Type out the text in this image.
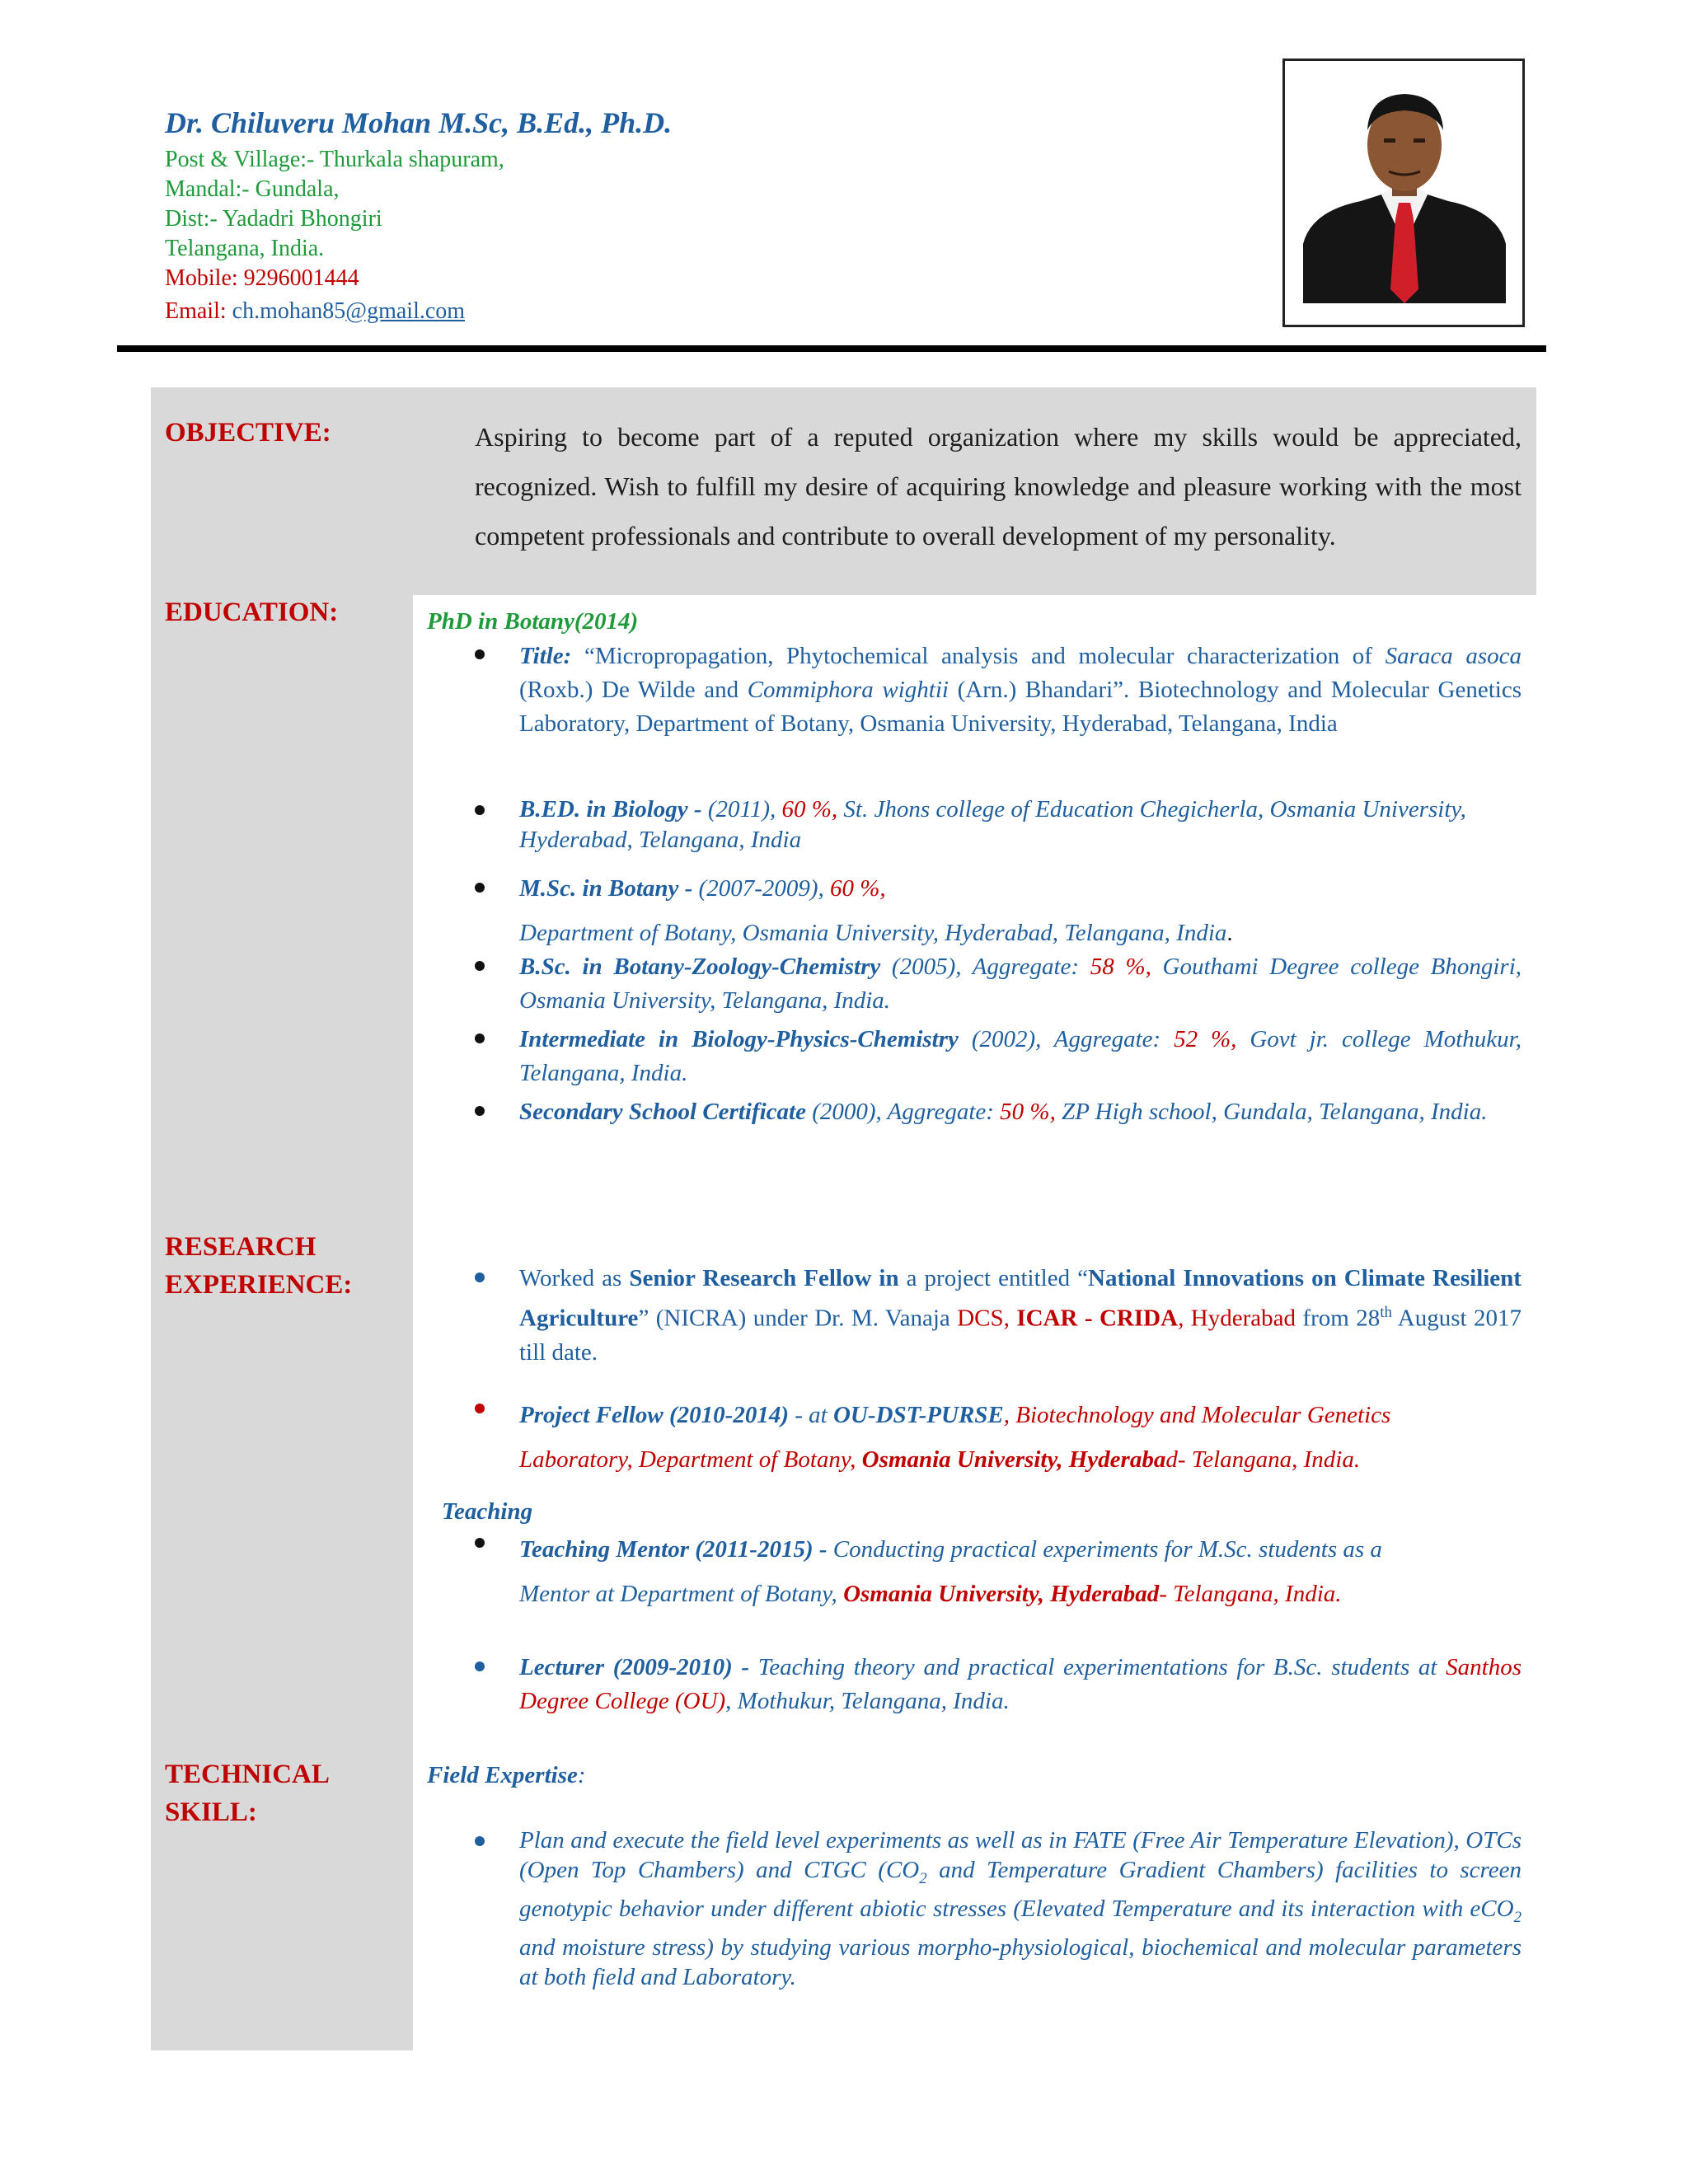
Dr. Chiluveru Mohan M.Sc, B.Ed., Ph.D.
Post & Village:- Thurkala shapuram,
Mandal:- Gundala,
Dist:- Yadadri Bhongiri
Telangana, India.
Mobile: 9296001444
Email: ch.mohan85@gmail.com
OBJECTIVE:
EDUCATION:
RESEARCH
EXPERIENCE:
TECHNICAL
SKILL:
Aspiring to become part of a reputed organization where my skills would be appreciated, recognized. Wish to fulfill my desire of acquiring knowledge and pleasure working with the most competent professionals and contribute to overall development of my personality.
PhD in Botany(2014)
Title: “Micropropagation, Phytochemical analysis and molecular characterization of Saraca asoca (Roxb.) De Wilde and Commiphora wightii (Arn.) Bhandari”. Biotechnology and Molecular Genetics Laboratory, Department of Botany, Osmania University, Hyderabad, Telangana, India
B.ED. in Biology - (2011), 60 %, St. Jhons college of Education Chegicherla, Osmania University, Hyderabad, Telangana, India
M.Sc. in Botany - (2007-2009), 60 %,
Department of Botany, Osmania University, Hyderabad, Telangana, India.
B.Sc. in Botany-Zoology-Chemistry (2005), Aggregate: 58 %, Gouthami Degree college Bhongiri, Osmania University, Telangana, India.
Intermediate in Biology-Physics-Chemistry (2002), Aggregate: 52 %, Govt jr. college Mothukur, Telangana, India.
Secondary School Certificate (2000), Aggregate: 50 %, ZP High school, Gundala, Telangana, India.
Worked as Senior Research Fellow in a project entitled “National Innovations on Climate Resilient Agriculture” (NICRA) under Dr. M. Vanaja DCS, ICAR - CRIDA, Hyderabad from 28th August 2017 till date.
Project Fellow (2010-2014) - at OU-DST-PURSE, Biotechnology and Molecular Genetics
Laboratory, Department of Botany, Osmania University, Hyderabad- Telangana, India.
Teaching
Teaching Mentor (2011-2015) - Conducting practical experiments for M.Sc. students as a
Mentor at Department of Botany, Osmania University, Hyderabad- Telangana, India.
Lecturer (2009-2010) - Teaching theory and practical experimentations for B.Sc. students at Santhos Degree College (OU), Mothukur, Telangana, India.
Field Expertise:
Plan and execute the field level experiments as well as in FATE (Free Air Temperature Elevation), OTCs (Open Top Chambers) and CTGC ($CO_2$ and Temperature Gradient Chambers) facilities to screen genotypic behavior under different abiotic stresses (Elevated Temperature and its interaction with eCO$_2$ and moisture stress) by studying various morpho-physiological, biochemical and molecular parameters at both field and Laboratory.
